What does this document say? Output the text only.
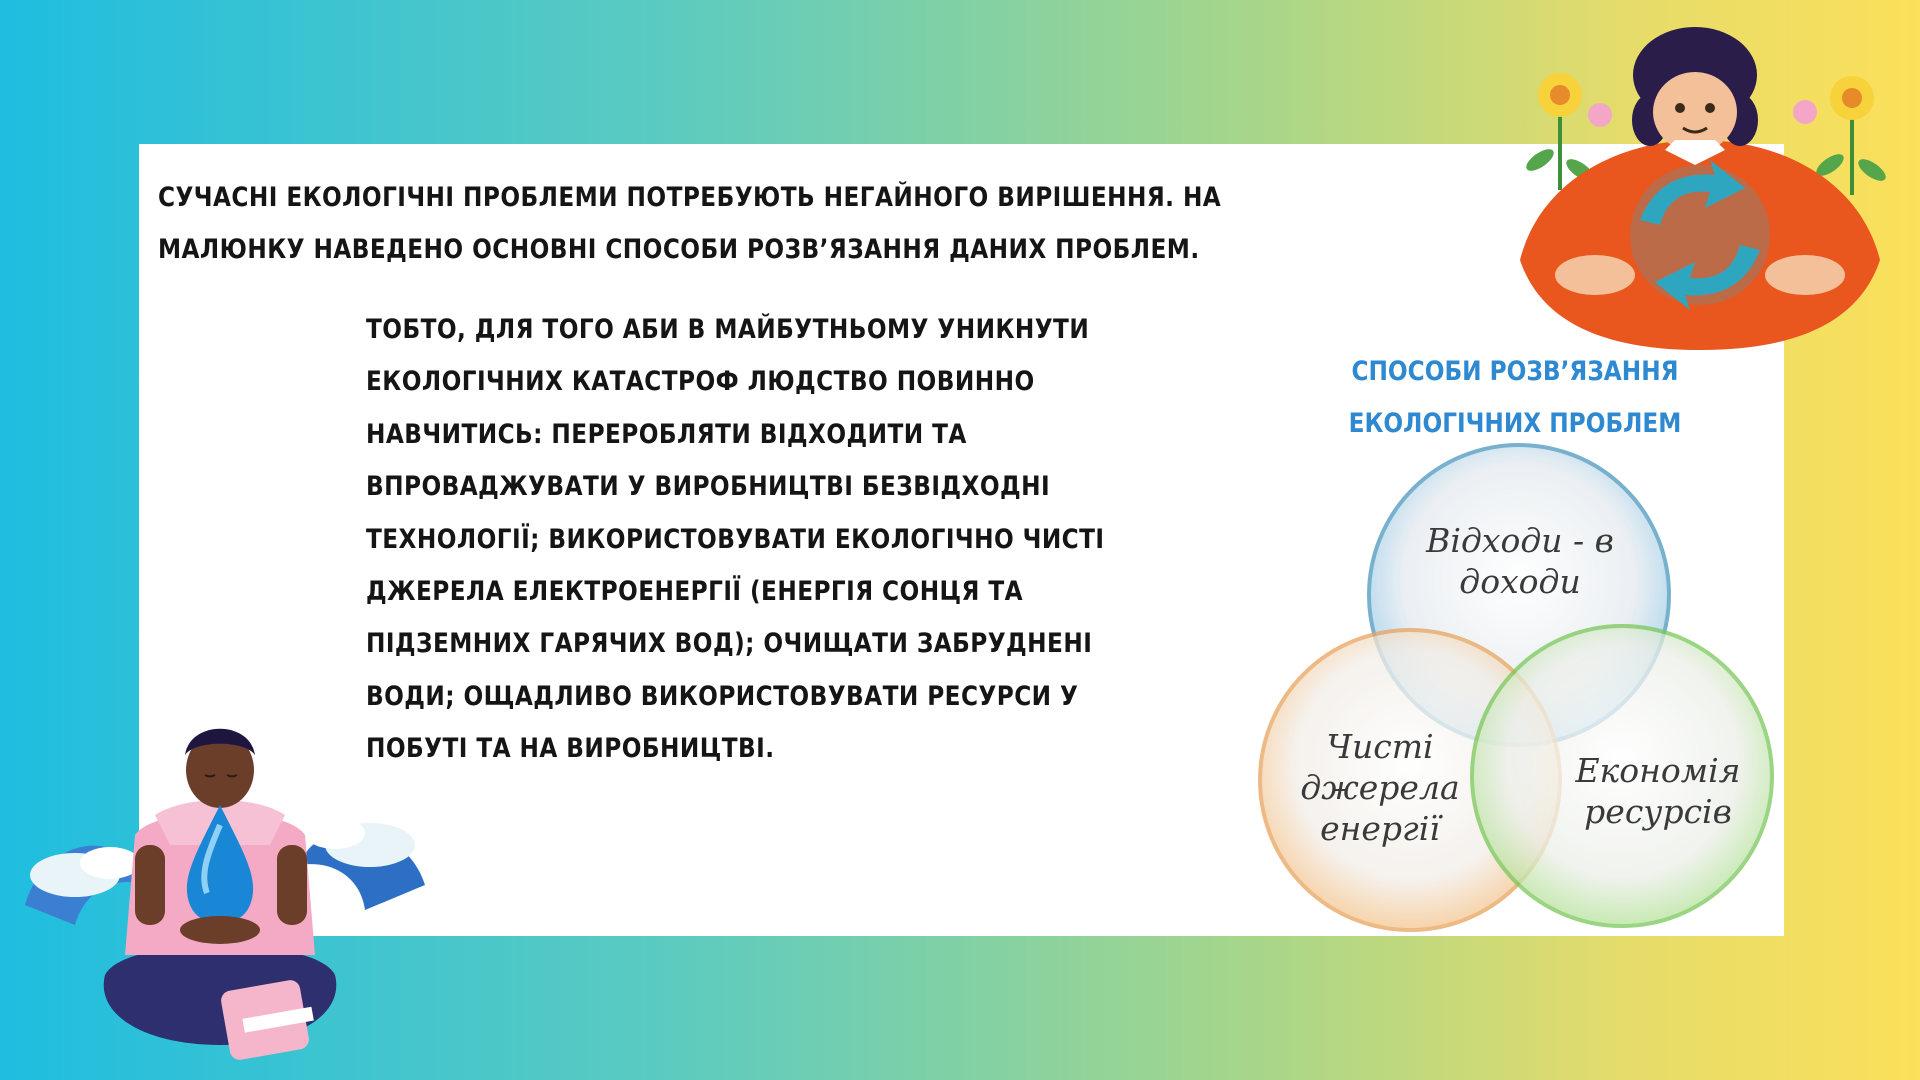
СУЧАСНІ ЕКОЛОГІЧНІ ПРОБЛЕМИ ПОТРЕБУЮТЬ НЕГАЙНОГО ВИРІШЕННЯ. НА МАЛЮНКУ НАВЕДЕНО ОСНОВНІ СПОСОБИ РОЗВ’ЯЗАННЯ ДАНИХ ПРОБЛЕМ.
ТОБТО, ДЛЯ ТОГО АБИ В МАЙБУТНЬОМУ УНИКНУТИ ЕКОЛОГІЧНИХ КАТАСТРОФ ЛЮДСТВО ПОВИННО НАВЧИТИСЬ: ПЕРЕРОБЛЯТИ ВІДХОДИТИ ТА ВПРОВАДЖУВАТИ У ВИРОБНИЦТВІ БЕЗВІДХОДНІ ТЕХНОЛОГІЇ; ВИКОРИСТОВУВАТИ ЕКОЛОГІЧНО ЧИСТІ ДЖЕРЕЛА ЕЛЕКТРОЕНЕРГІЇ (ЕНЕРГІЯ СОНЦЯ ТА ПІДЗЕМНИХ ГАРЯЧИХ ВОД); ОЧИЩАТИ ЗАБРУДНЕНІ ВОДИ; ОЩАДЛИВО ВИКОРИСТОВУВАТИ РЕСУРСИ У ПОБУТІ ТА НА ВИРОБНИЦТВІ.
СПОСОБИ РОЗВ’ЯЗАННЯ ЕКОЛОГІЧНИХ ПРОБЛЕМ
Відходи - в доходи
Чисті джерела енергії
Економія ресурсів
